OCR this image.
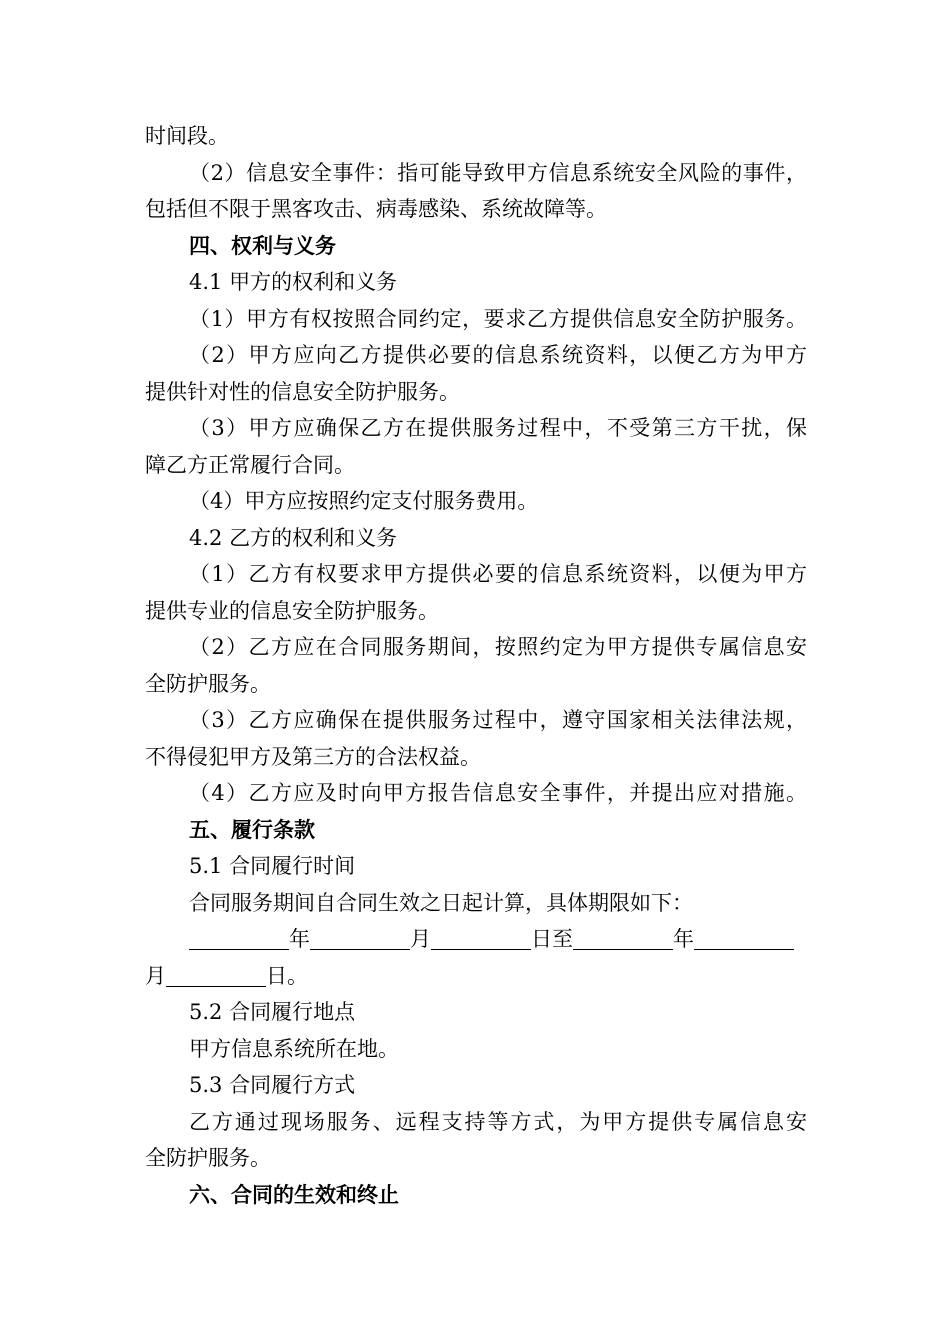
时间段。

（2）信息安全事件：指可能导致甲方信息系统安全风险的事件，

包括但不限于黑客攻击、病毒感染、系统故障等。

四、权利与义务

4.1 甲方的权利和义务

（1）甲方有权按照合同约定，要求乙方提供信息安全防护服务。

（2）甲方应向乙方提供必要的信息系统资料，以便乙方为甲方

提供针对性的信息安全防护服务。

（3）甲方应确保乙方在提供服务过程中，不受第三方干扰，保

障乙方正常履行合同。

（4）甲方应按照约定支付服务费用。

4.2 乙方的权利和义务

（1）乙方有权要求甲方提供必要的信息系统资料，以便为甲方

提供专业的信息安全防护服务。

（2）乙方应在合同服务期间，按照约定为甲方提供专属信息安

全防护服务。

（3）乙方应确保在提供服务过程中，遵守国家相关法律法规，

不得侵犯甲方及第三方的合法权益。

（4）乙方应及时向甲方报告信息安全事件，并提出应对措施。

五、履行条款

5.1 合同履行时间

合同服务期间自合同生效之日起计算，具体期限如下：

年	月	日至	年

月	日。

5.2 合同履行地点

甲方信息系统所在地。

5.3 合同履行方式

乙方通过现场服务、远程支持等方式，为甲方提供专属信息安

全防护服务。

六、合同的生效和终止
